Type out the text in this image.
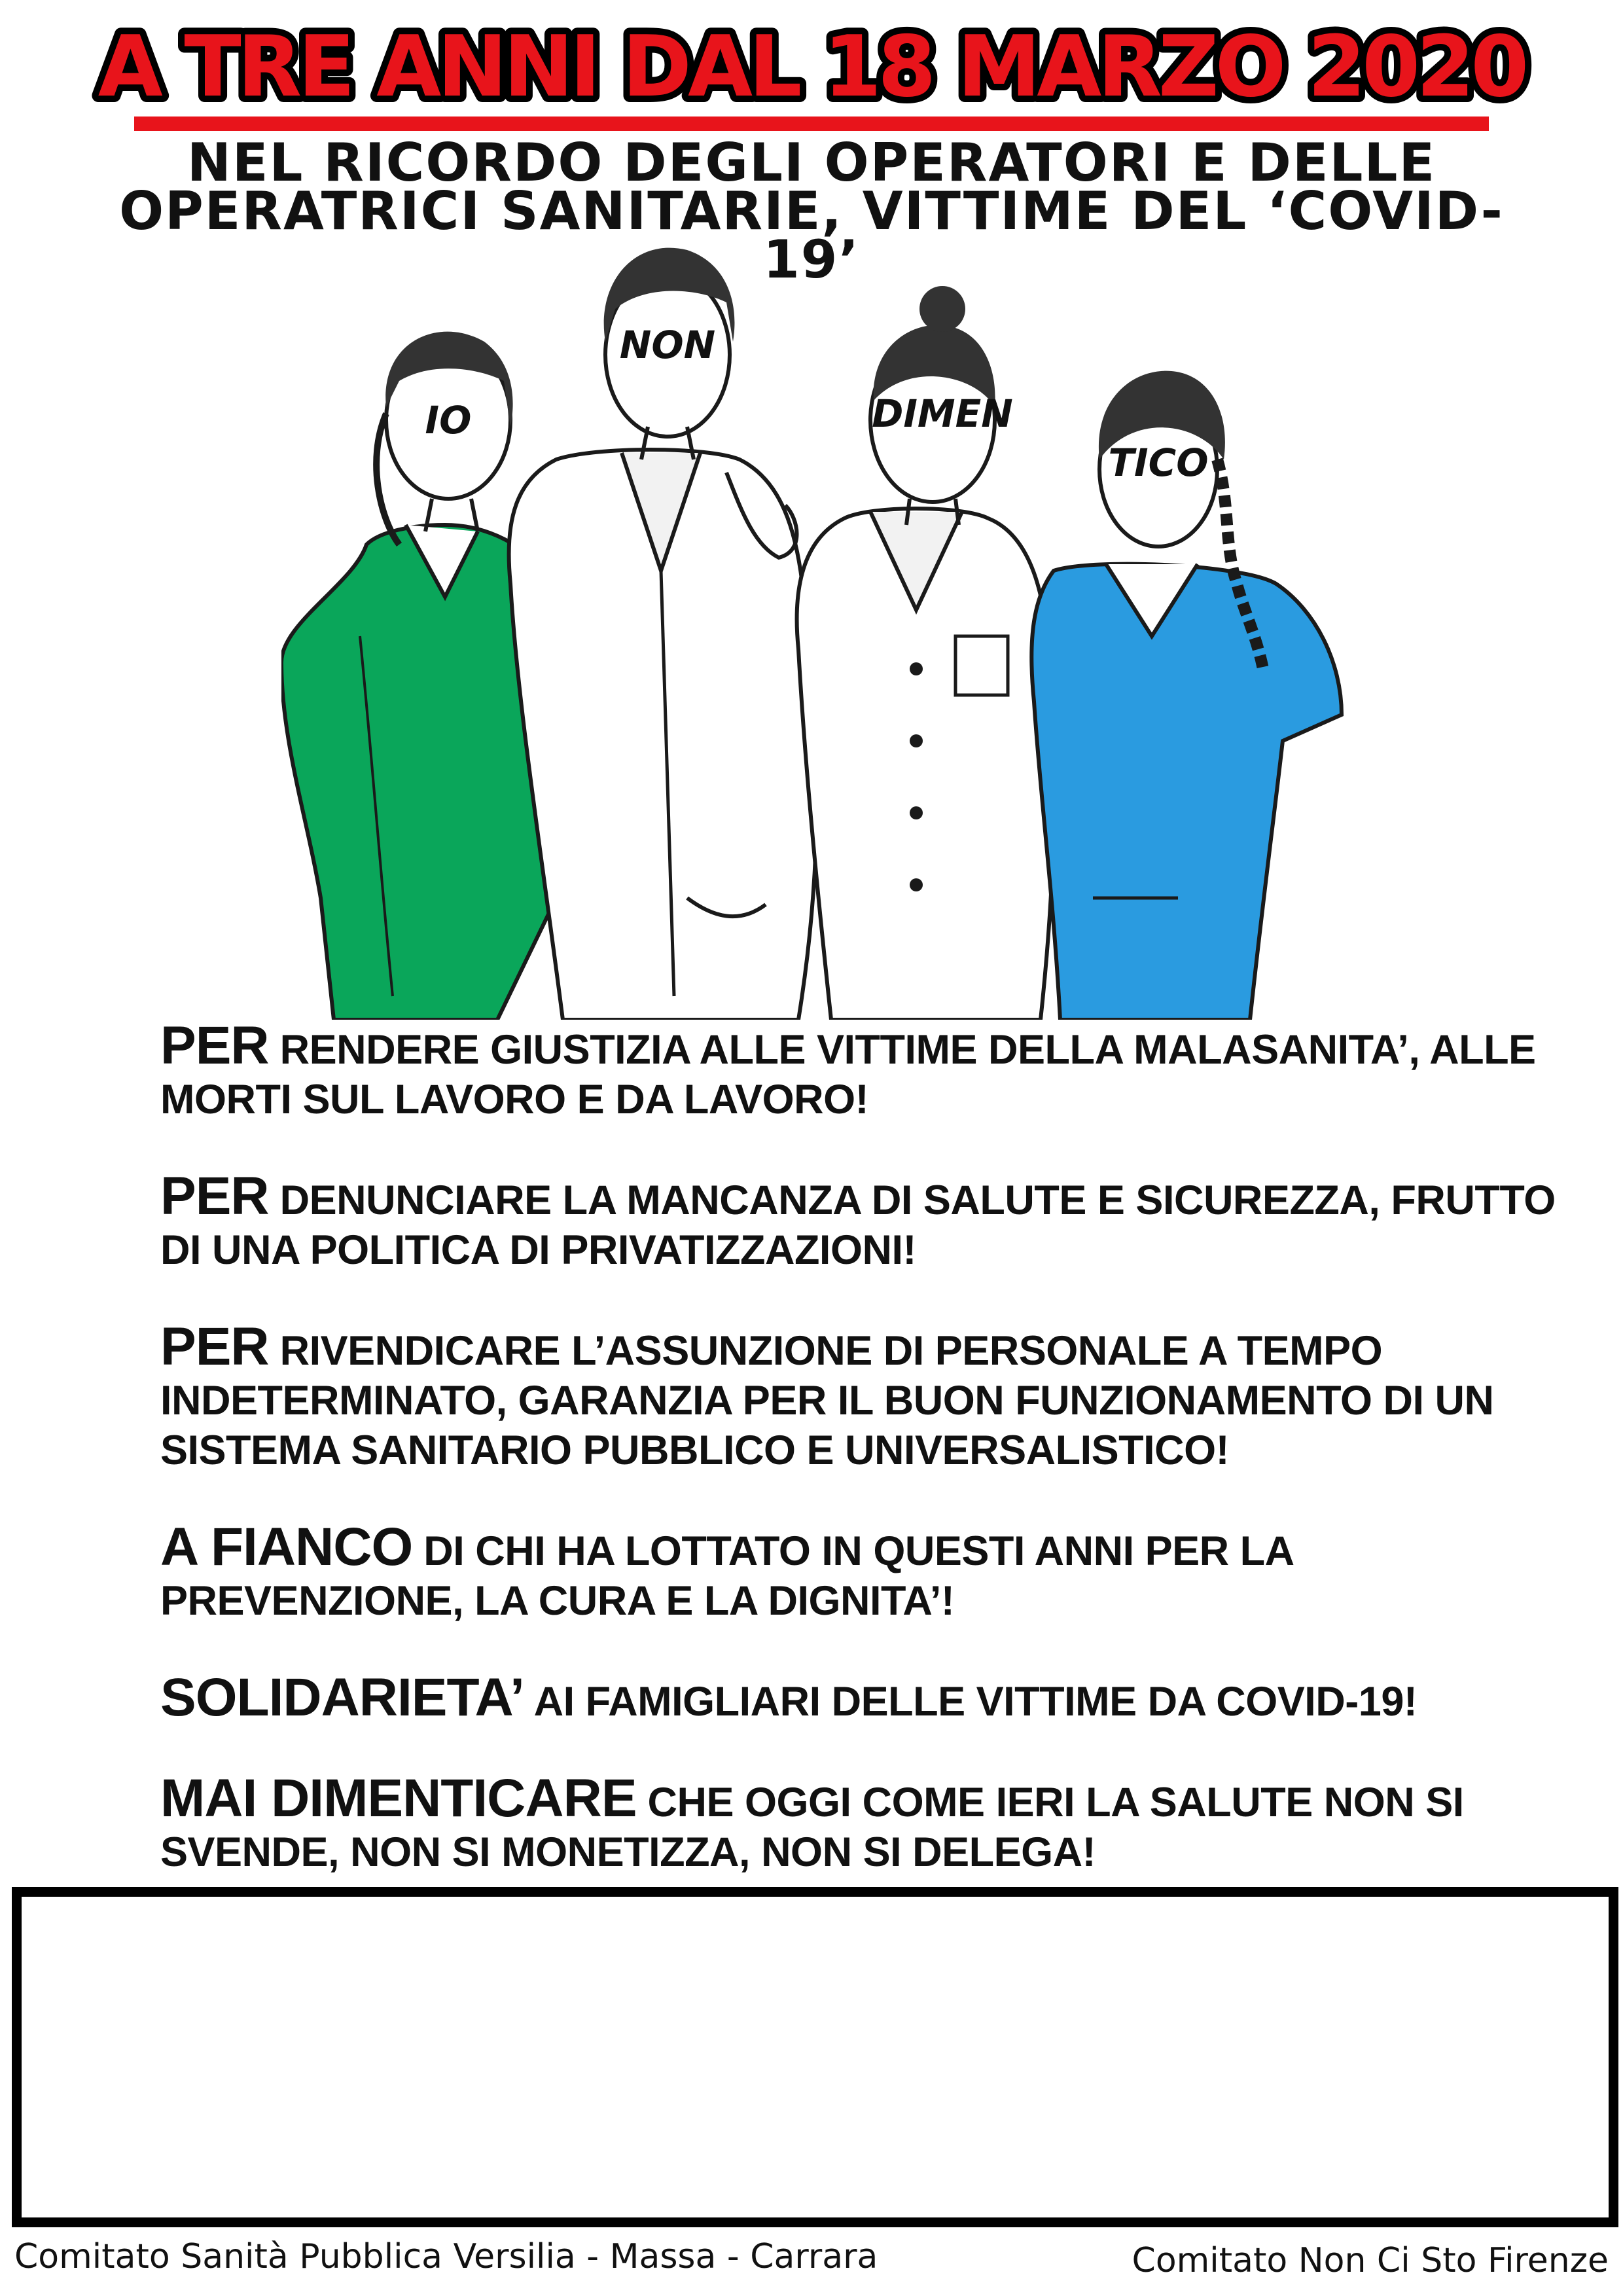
A TRE ANNI DAL 18 MARZO 2020
NEL RICORDO DEGLI OPERATORI E DELLE
OPERATRICI SANITARIE, VITTIME DEL ‘COVID-19’
IO
NON
DIMEN
TICO
PER RENDERE GIUSTIZIA ALLE VITTIME DELLA MALASANITA’, ALLE MORTI SUL LAVORO E DA LAVORO!
PER DENUNCIARE LA MANCANZA DI SALUTE E SICUREZZA, FRUTTO DI UNA POLITICA DI PRIVATIZZAZIONI!
PER RIVENDICARE L’ASSUNZIONE DI PERSONALE A TEMPO INDETERMINATO, GARANZIA PER IL BUON FUNZIONAMENTO DI UN SISTEMA SANITARIO PUBBLICO E UNIVERSALISTICO!
A FIANCO DI CHI HA LOTTATO IN QUESTI ANNI PER LA PREVENZIONE, LA CURA E LA DIGNITA’!
SOLIDARIETA’ AI FAMIGLIARI DELLE VITTIME DA COVID-19!
MAI DIMENTICARE CHE OGGI COME IERI LA SALUTE NON SI SVENDE, NON SI MONETIZZA, NON SI DELEGA!
Comitato Sanità Pubblica Versilia - Massa - Carrara	Comitato Non Ci Sto Firenze
